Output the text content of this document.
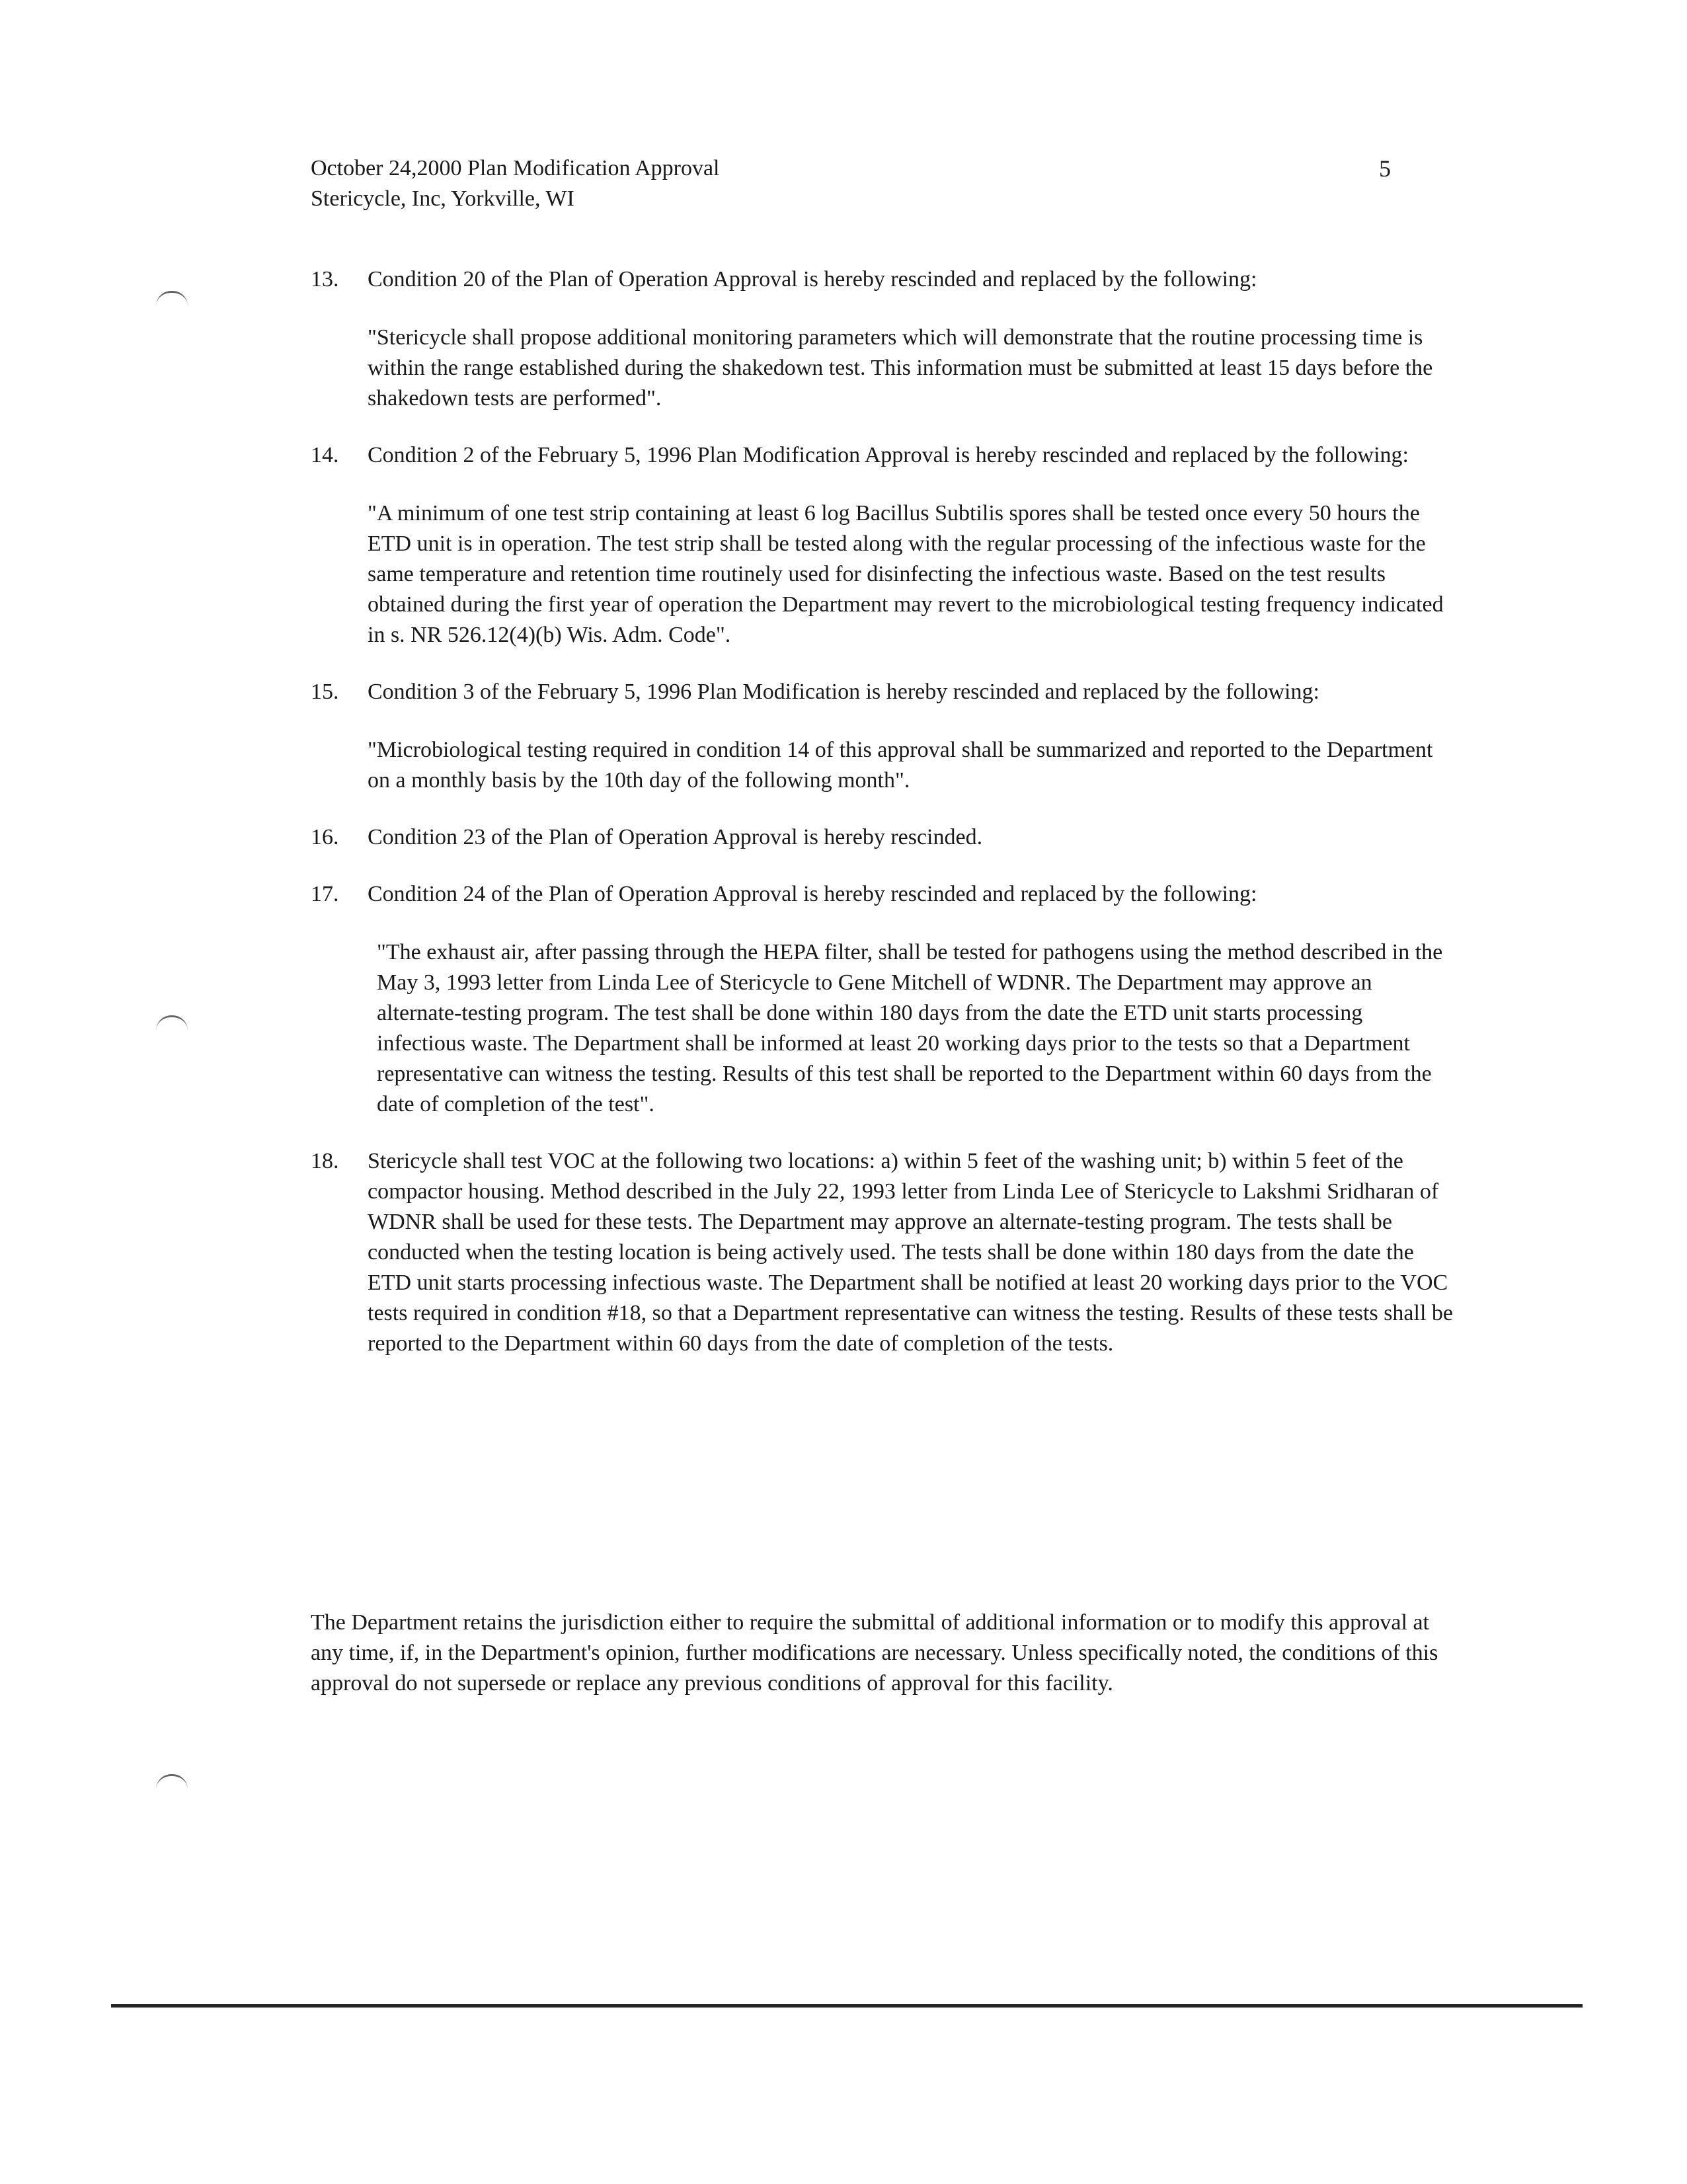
October 24,2000 Plan Modification Approval
Stericycle, Inc, Yorkville, WI
5
13. Condition 20 of the Plan of Operation Approval is hereby rescinded and replaced by the following:
"Stericycle shall propose additional monitoring parameters which will demonstrate that the routine processing time is within the range established during the shakedown test. This information must be submitted at least 15 days before the shakedown tests are performed".
14. Condition 2 of the February 5, 1996 Plan Modification Approval is hereby rescinded and replaced by the following:
"A minimum of one test strip containing at least 6 log Bacillus Subtilis spores shall be tested once every 50 hours the ETD unit is in operation. The test strip shall be tested along with the regular processing of the infectious waste for the same temperature and retention time routinely used for disinfecting the infectious waste. Based on the test results obtained during the first year of operation the Department may revert to the microbiological testing frequency indicated in s. NR 526.12(4)(b) Wis. Adm. Code".
15. Condition 3 of the February 5, 1996 Plan Modification is hereby rescinded and replaced by the following:
"Microbiological testing required in condition 14 of this approval shall be summarized and reported to the Department on a monthly basis by the 10th day of the following month".
16. Condition 23 of the Plan of Operation Approval is hereby rescinded.
17. Condition 24 of the Plan of Operation Approval is hereby rescinded and replaced by the following:
"The exhaust air, after passing through the HEPA filter, shall be tested for pathogens using the method described in the May 3, 1993 letter from Linda Lee of Stericycle to Gene Mitchell of WDNR. The Department may approve an alternate-testing program. The test shall be done within 180 days from the date the ETD unit starts processing infectious waste. The Department shall be informed at least 20 working days prior to the tests so that a Department representative can witness the testing. Results of this test shall be reported to the Department within 60 days from the date of completion of the test".
18. Stericycle shall test VOC at the following two locations: a) within 5 feet of the washing unit; b) within 5 feet of the compactor housing. Method described in the July 22, 1993 letter from Linda Lee of Stericycle to Lakshmi Sridharan of WDNR shall be used for these tests. The Department may approve an alternate-testing program. The tests shall be conducted when the testing location is being actively used. The tests shall be done within 180 days from the date the ETD unit starts processing infectious waste. The Department shall be notified at least 20 working days prior to the VOC tests required in condition #18, so that a Department representative can witness the testing. Results of these tests shall be reported to the Department within 60 days from the date of completion of the tests.
The Department retains the jurisdiction either to require the submittal of additional information or to modify this approval at any time, if, in the Department's opinion, further modifications are necessary. Unless specifically noted, the conditions of this approval do not supersede or replace any previous conditions of approval for this facility.
